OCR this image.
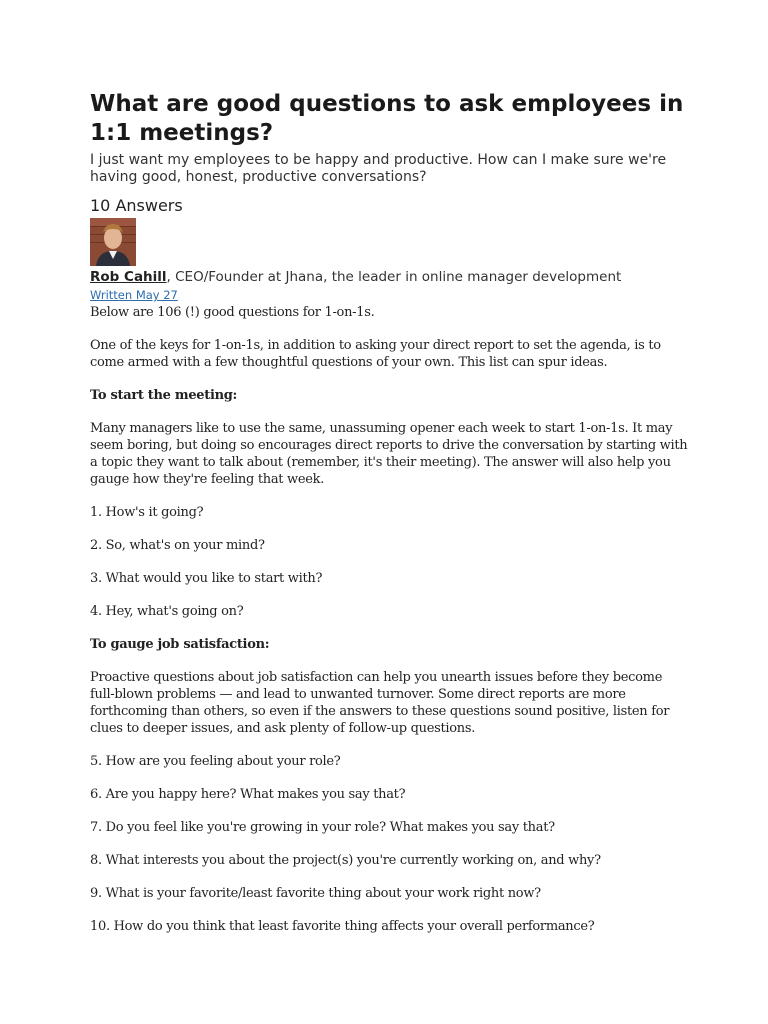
What are good questions to ask employees in 1:1 meetings?

I just want my employees to be happy and productive. How can I make sure we're having good, honest, productive conversations?

10 Answers

Rob Cahill, CEO/Founder at Jhana, the leader in online manager development

Written May 27

Below are 106 (!) good questions for 1-on-1s.

One of the keys for 1-on-1s, in addition to asking your direct report to set the agenda, is to come armed with a few thoughtful questions of your own. This list can spur ideas.

To start the meeting:

Many managers like to use the same, unassuming opener each week to start 1-on-1s. It may seem boring, but doing so encourages direct reports to drive the conversation by starting with a topic they want to talk about (remember, it's their meeting). The answer will also help you gauge how they're feeling that week.

1. How's it going?

2. So, what's on your mind?

3. What would you like to start with?

4. Hey, what's going on?

To gauge job satisfaction:

Proactive questions about job satisfaction can help you unearth issues before they become full-blown problems — and lead to unwanted turnover. Some direct reports are more forthcoming than others, so even if the answers to these questions sound positive, listen for clues to deeper issues, and ask plenty of follow-up questions.

5. How are you feeling about your role?

6. Are you happy here? What makes you say that?

7. Do you feel like you're growing in your role? What makes you say that?

8. What interests you about the project(s) you're currently working on, and why?

9. What is your favorite/least favorite thing about your work right now?

10. How do you think that least favorite thing affects your overall performance?
